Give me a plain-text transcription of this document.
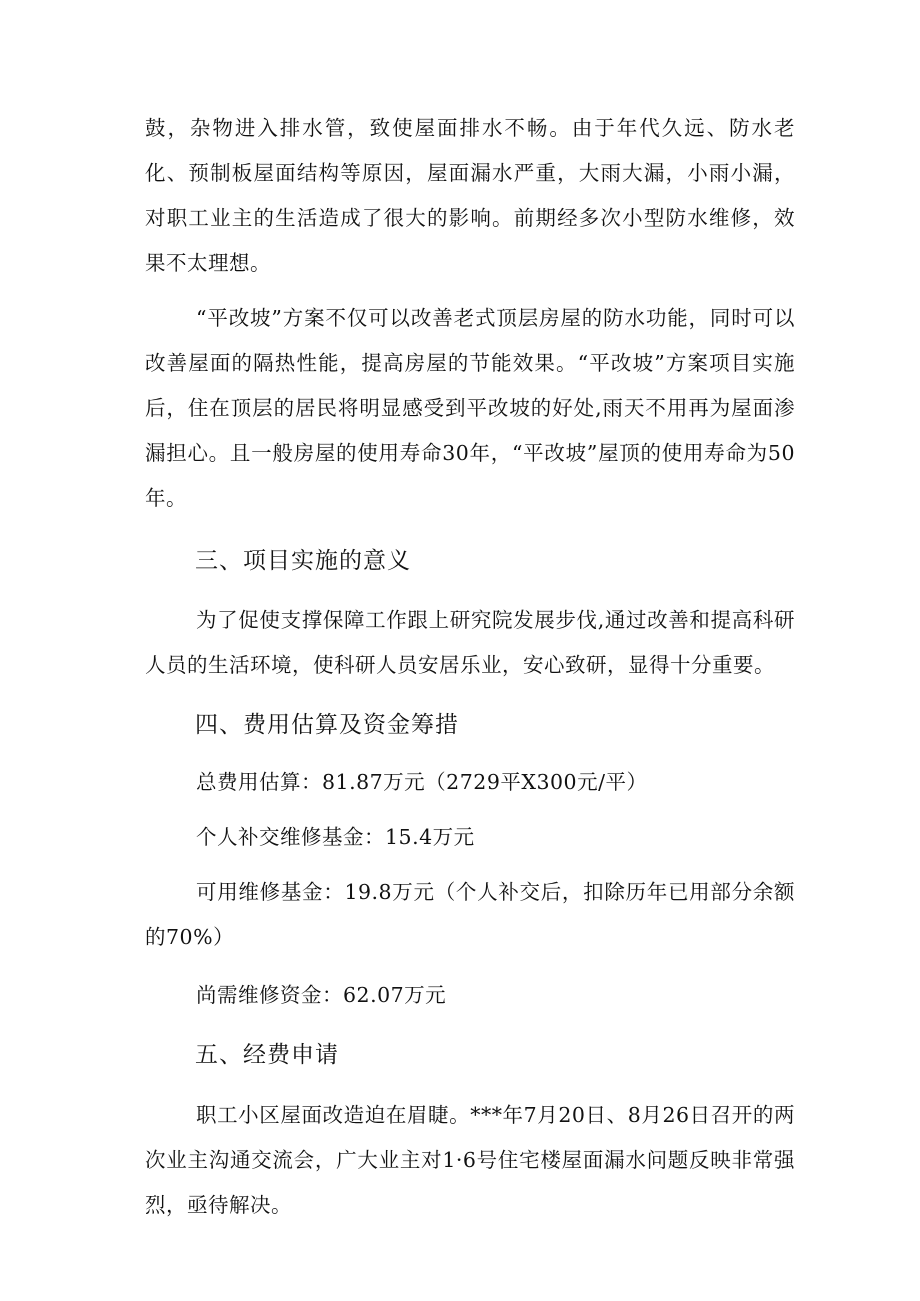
鼓，杂物进入排水管，致使屋面排水不畅。由于年代久远、防水老化、预制板屋面结构等原因，屋面漏水严重，大雨大漏，小雨小漏，对职工业主的生活造成了很大的影响。前期经多次小型防水维修，效果不太理想。

“平改坡”方案不仅可以改善老式顶层房屋的防水功能，同时可以改善屋面的隔热性能，提高房屋的节能效果。“平改坡”方案项目实施后，住在顶层的居民将明显感受到平改坡的好处,雨天不用再为屋面渗漏担心。且一般房屋的使用寿命30年，“平改坡”屋顶的使用寿命为50年。

三、项目实施的意义

为了促使支撑保障工作跟上研究院发展步伐,通过改善和提高科研人员的生活环境，使科研人员安居乐业，安心致研，显得十分重要。

四、费用估算及资金筹措

总费用估算：81.87万元（2729平X300元/平）

个人补交维修基金：15.4万元

可用维修基金：19.8万元（个人补交后，扣除历年已用部分余额的70%）

尚需维修资金：62.07万元

五、经费申请

职工小区屋面改造迫在眉睫。***年7月20日、8月26日召开的两次业主沟通交流会，广大业主对1·6号住宅楼屋面漏水问题反映非常强烈，亟待解决。
